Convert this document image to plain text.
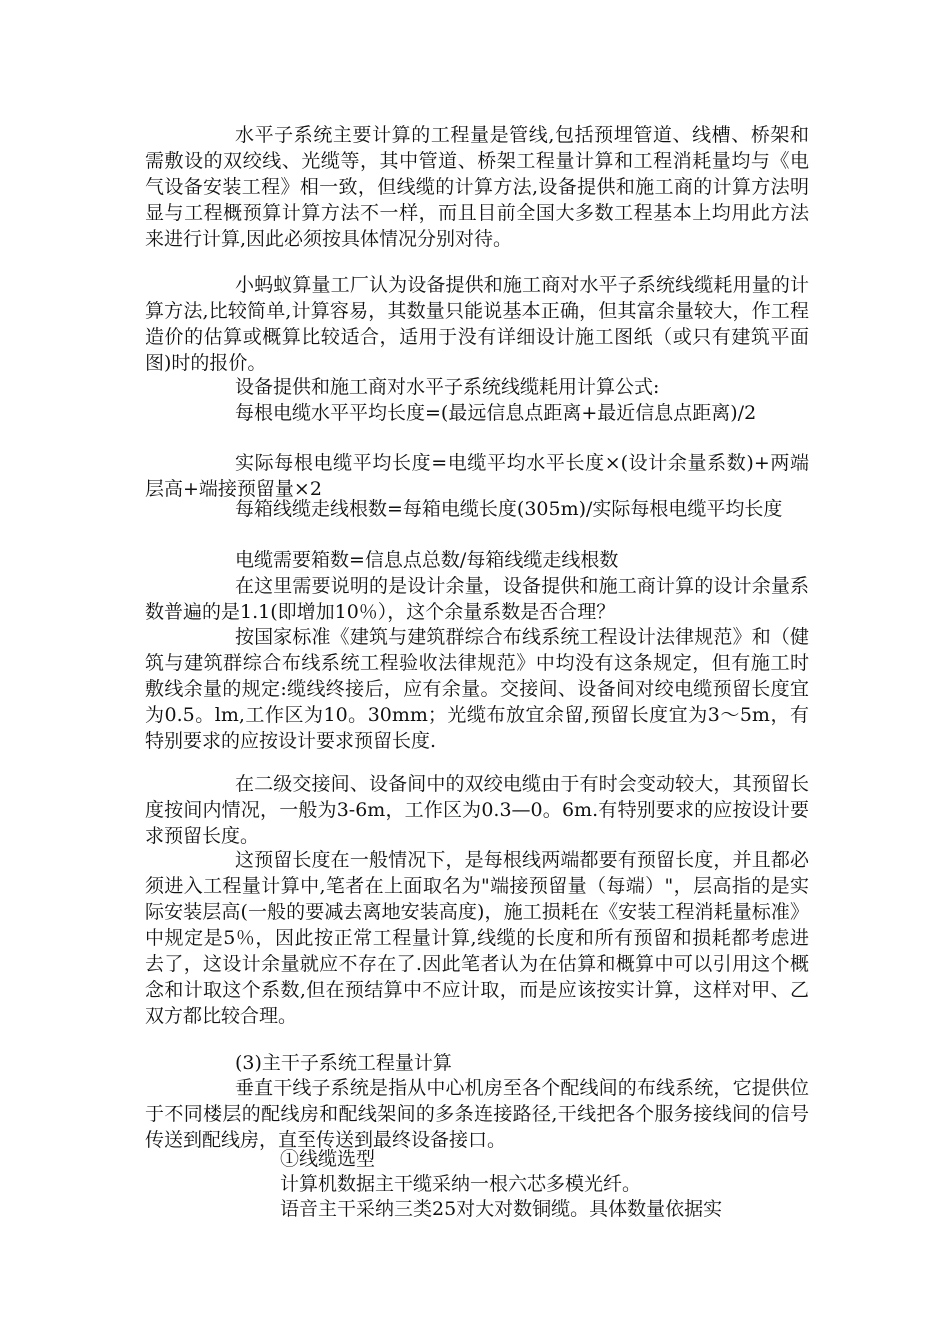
水平子系统主要计算的工程量是管线,包括预埋管道、线槽、桥架和需敷设的双绞线、光缆等，其中管道、桥架工程量计算和工程消耗量均与《电气设备安装工程》相一致，但线缆的计算方法,设备提供和施工商的计算方法明显与工程概预算计算方法不一样，而且目前全国大多数工程基本上均用此方法来进行计算,因此必须按具体情况分别对待。

小蚂蚁算量工厂认为设备提供和施工商对水平子系统线缆耗用量的计算方法,比较简单,计算容易，其数量只能说基本正确，但其富余量较大，作工程造价的估算或概算比较适合，适用于没有详细设计施工图纸（或只有建筑平面图)时的报价。

设备提供和施工商对水平子系统线缆耗用计算公式:

每根电缆水平平均长度=(最远信息点距离+最近信息点距离)/2

实际每根电缆平均长度=电缆平均水平长度×(设计余量系数)+两端层高+端接预留量×2

每箱线缆走线根数=每箱电缆长度(305m)/实际每根电缆平均长度

电缆需要箱数=信息点总数/每箱线缆走线根数

在这里需要说明的是设计余量，设备提供和施工商计算的设计余量系数普遍的是1.1(即增加10％），这个余量系数是否合理？

按国家标准《建筑与建筑群综合布线系统工程设计法律规范》和（健筑与建筑群综合布线系统工程验收法律规范》中均没有这条规定，但有施工时敷线余量的规定:缆线终接后，应有余量。交接间、设备间对绞电缆预留长度宜为0.5。lm,工作区为10。30mm；光缆布放宜余留,预留长度宜为3～5m，有特别要求的应按设计要求预留长度.

在二级交接间、设备间中的双绞电缆由于有时会变动较大，其预留长度按间内情况，一般为3-6m，工作区为0.3—0。6m.有特别要求的应按设计要求预留长度。

这预留长度在一般情况下，是每根线两端都要有预留长度，并且都必须进入工程量计算中,笔者在上面取名为"端接预留量（每端）"，层高指的是实际安装层高(一般的要减去离地安装高度)，施工损耗在《安装工程消耗量标准》中规定是5％，因此按正常工程量计算,线缆的长度和所有预留和损耗都考虑进去了，这设计余量就应不存在了.因此笔者认为在估算和概算中可以引用这个概念和计取这个系数,但在预结算中不应计取，而是应该按实计算，这样对甲、乙双方都比较合理。

(3)主干子系统工程量计算

垂直干线子系统是指从中心机房至各个配线间的布线系统，它提供位于不同楼层的配线房和配线架间的多条连接路径,干线把各个服务接线间的信号传送到配线房，直至传送到最终设备接口。

①线缆选型

计算机数据主干缆采纳一根六芯多模光纤。

语音主干采纳三类25对大对数铜缆。具体数量依据实
